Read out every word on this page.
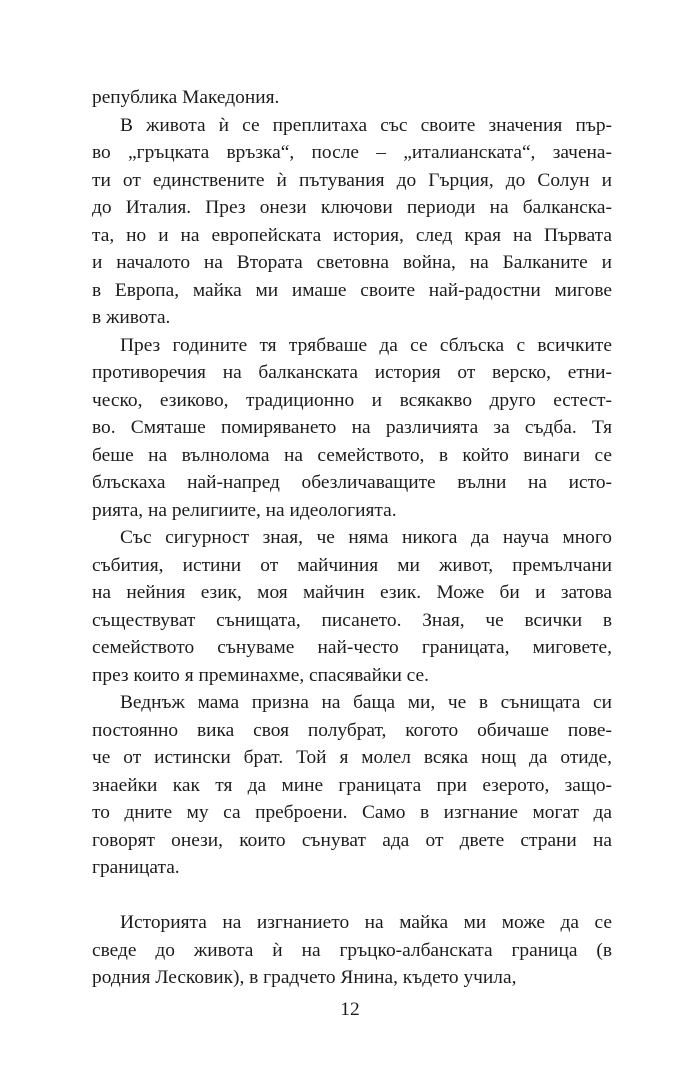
република Македония.
В живота ѝ се преплитаха със своите значения пър-
во „гръцката връзка“, после – „италианската“, зачена-
ти от единствените ѝ пътувания до Гърция, до Солун и
до Италия. През онези ключови периоди на балканска-
та, но и на европейската история, след края на Първата
и началото на Втората световна война, на Балканите и
в Европа, майка ми имаше своите най-радостни мигове
в живота.
През годините тя трябваше да се сблъска с всичките
противоречия на балканската история от верско, етни-
ческо, езиково, традиционно и всякакво друго естест-
во. Смяташе помиряването на различията за съдба. Тя
беше на вълнолома на семейството, в който винаги се
блъскаха най-напред обезличаващите вълни на исто-
рията, на религиите, на идеологията.
Със сигурност зная, че няма никога да науча много
събития, истини от майчиния ми живот, премълчани
на нейния език, моя майчин език. Може би и затова
съществуват сънищата, писането. Зная, че всички в
семейството сънуваме най-често границата, миговете,
през които я преминахме, спасявайки се.
Веднъж мама призна на баща ми, че в сънищата си
постоянно вика своя полубрат, когото обичаше пове-
че от истински брат. Той я молел всяка нощ да отиде,
знаейки как тя да мине границата при езерото, защо-
то дните му са преброени. Само в изгнание могат да
говорят онези, които сънуват ада от двете страни на
границата.
Историята на изгнанието на майка ми може да се
сведе до живота ѝ на гръцко-албанската граница (в
родния Лесковик), в градчето Янина, където учила,
12
